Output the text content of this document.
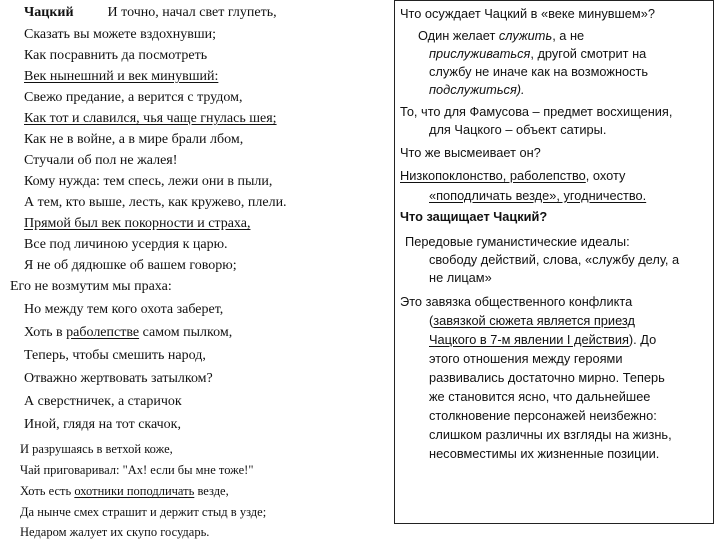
Чацкий И точно, начал свет глупеть,
Сказать вы можете вздохнувши;
Как посравнить да посмотреть
Век нынешний и век минувший:
Свежо предание, а верится с трудом,
Как тот и славился, чья чаще гнулась шея;
Как не в войне, а в мире брали лбом,
Стучали об пол не жалея!
Кому нужда: тем спесь, лежи они в пыли,
А тем, кто выше, лесть, как кружево, плели.
Прямой был век покорности и страха,
Все под личиною усердия к царю.
Я не об дядюшке об вашем говорю;
Его не возмутим мы праха:
Но между тем кого охота заберет,
Хоть в раболепстве самом пылком,
Теперь, чтобы смешить народ,
Отважно жертвовать затылком?
А сверстничек, а старичок
Иной, глядя на тот скачок,
И разрушаясь в ветхой коже,
Чай приговаривал: "Ах! если бы мне тоже!"
Хоть есть охотники поподличать везде,
Да нынче смех страшит и держит стыд в узде;
Недаром жалует их скупо государь.
Что осуждает Чацкий в «веке минувшем»?
Один желает служить, а не
прислуживаться, другой смотрит на
службу не иначе как на возможность
подслужиться).
То, что для Фамусова – предмет восхищения,
для Чацкого – объект сатиры.
Что же высмеивает он?
Низкопоклонство, раболепство, охоту
«поподличать везде», угодничество.
Что защищает Чацкий?
Передовые гуманистические идеалы:
свободу действий, слова, «службу делу, а
не лицам»
Это завязка общественного конфликта
(завязкой сюжета является приезд
Чацкого в 7-м явлении I действия). До
этого отношения между героями
развивались достаточно мирно. Теперь
же становится ясно, что дальнейшее
столкновение персонажей неизбежно:
слишком различны их взгляды на жизнь,
несовместимы их жизненные позиции.
